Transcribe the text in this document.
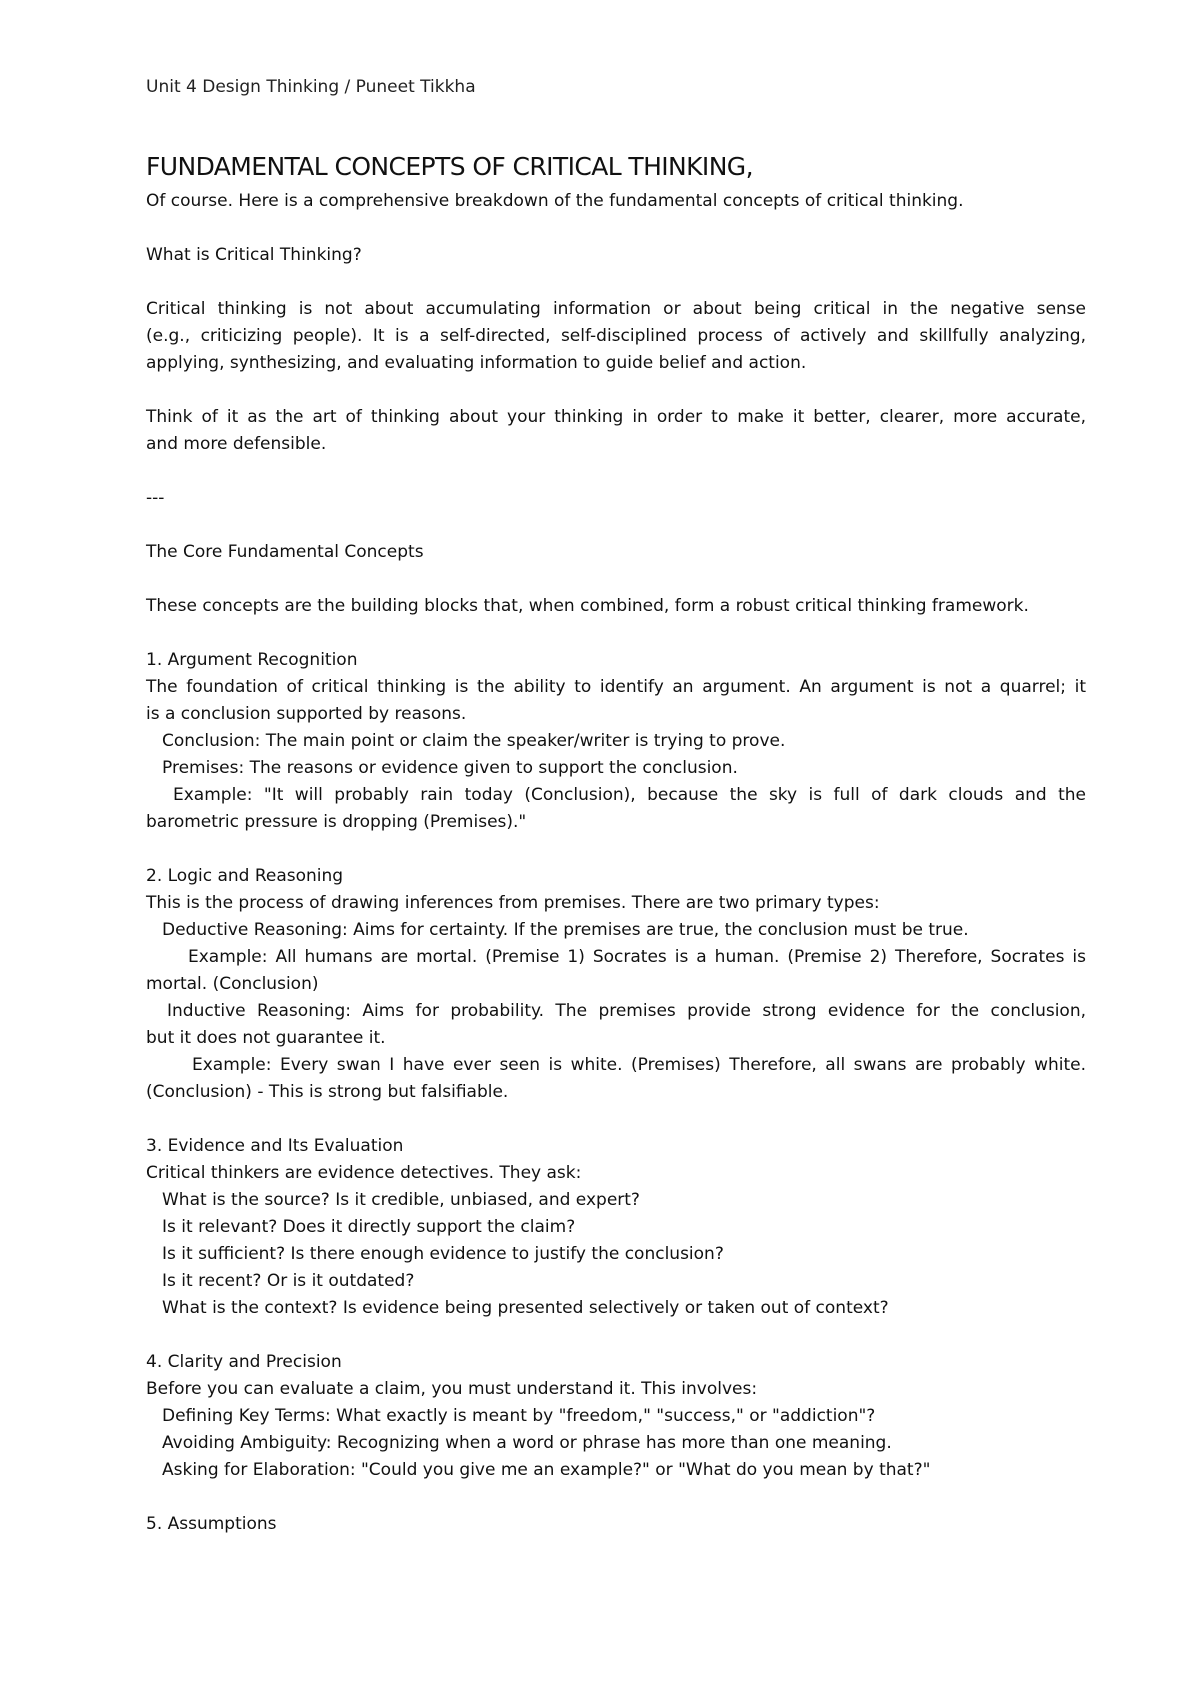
Unit 4 Design Thinking / Puneet Tikkha

FUNDAMENTAL CONCEPTS OF CRITICAL THINKING,

Of course. Here is a comprehensive breakdown of the fundamental concepts of critical thinking.

What is Critical Thinking?

Critical thinking is not about accumulating information or about being critical in the negative sense

(e.g., criticizing people). It is a self-directed, self-disciplined process of actively and skillfully analyzing,

applying, synthesizing, and evaluating information to guide belief and action.

Think of it as the art of thinking about your thinking in order to make it better, clearer, more accurate,

and more defensible.

---

The Core Fundamental Concepts

These concepts are the building blocks that, when combined, form a robust critical thinking framework.

1. Argument Recognition

The foundation of critical thinking is the ability to identify an argument. An argument is not a quarrel; it

is a conclusion supported by reasons.

Conclusion: The main point or claim the speaker/writer is trying to prove.

Premises: The reasons or evidence given to support the conclusion.

Example: "It will probably rain today (Conclusion), because the sky is full of dark clouds and the

barometric pressure is dropping (Premises)."

2. Logic and Reasoning

This is the process of drawing inferences from premises. There are two primary types:

Deductive Reasoning: Aims for certainty. If the premises are true, the conclusion must be true.

Example: All humans are mortal. (Premise 1) Socrates is a human. (Premise 2) Therefore, Socrates is

mortal. (Conclusion)

Inductive Reasoning: Aims for probability. The premises provide strong evidence for the conclusion,

but it does not guarantee it.

Example: Every swan I have ever seen is white. (Premises) Therefore, all swans are probably white.

(Conclusion) - This is strong but falsifiable.

3. Evidence and Its Evaluation

Critical thinkers are evidence detectives. They ask:

What is the source? Is it credible, unbiased, and expert?

Is it relevant? Does it directly support the claim?

Is it sufficient? Is there enough evidence to justify the conclusion?

Is it recent? Or is it outdated?

What is the context? Is evidence being presented selectively or taken out of context?

4. Clarity and Precision

Before you can evaluate a claim, you must understand it. This involves:

Defining Key Terms: What exactly is meant by "freedom," "success," or "addiction"?

Avoiding Ambiguity: Recognizing when a word or phrase has more than one meaning.

Asking for Elaboration: "Could you give me an example?" or "What do you mean by that?"

5. Assumptions
